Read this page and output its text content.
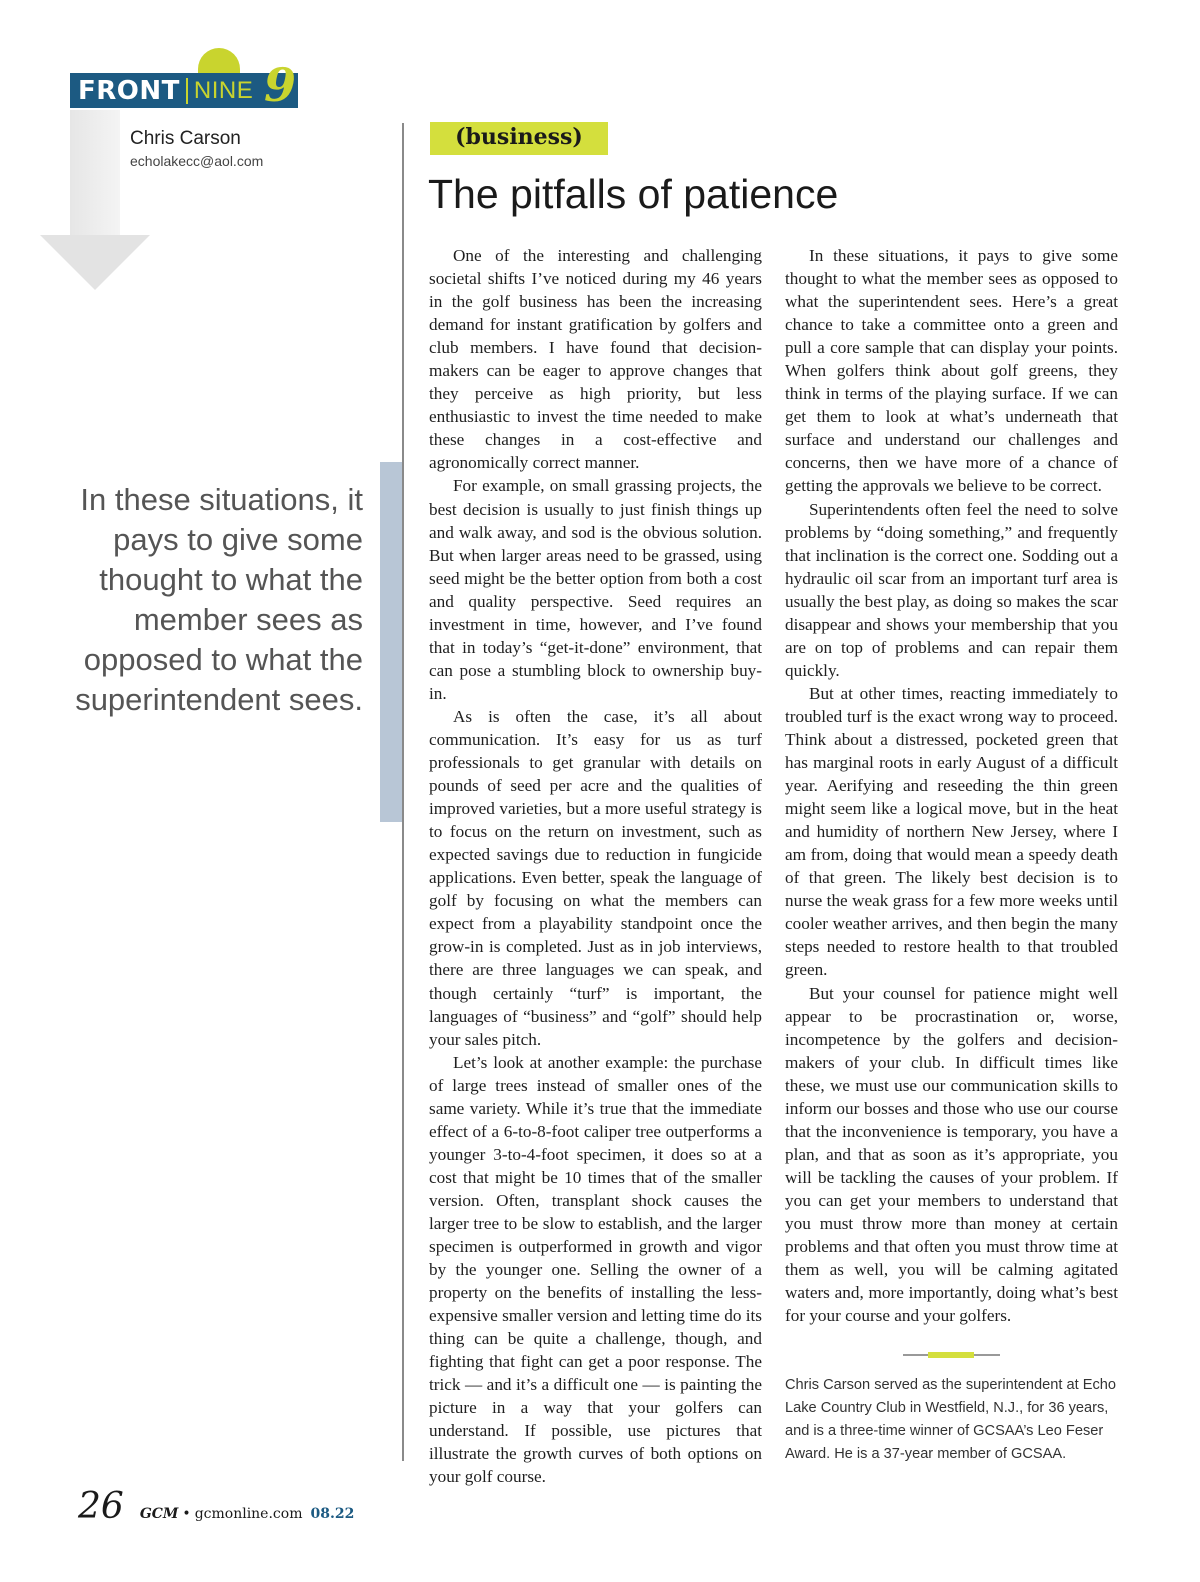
FRONT NINE 9
Chris Carson
echolakecc@aol.com
In these situations, it pays to give some thought to what the member sees as opposed to what the superintendent sees.
(business)
The pitfalls of patience

One of the interesting and challenging societal shifts I’ve noticed during my 46 years in the golf business has been the increasing demand for instant gratification by golfers and club members. I have found that decision-makers can be eager to approve changes that they perceive as high priority, but less enthusiastic to invest the time needed to make these changes in a cost-effective and agronomically correct manner.

For example, on small grassing projects, the best decision is usually to just finish things up and walk away, and sod is the obvious solution. But when larger areas need to be grassed, using seed might be the better option from both a cost and quality perspective. Seed requires an investment in time, however, and I’ve found that in today’s “get-it-done” environment, that can pose a stumbling block to ownership buy-in.

As is often the case, it’s all about communication. It’s easy for us as turf professionals to get granular with details on pounds of seed per acre and the qualities of improved varieties, but a more useful strategy is to focus on the return on investment, such as expected savings due to reduction in fungicide applications. Even better, speak the language of golf by focusing on what the members can expect from a playability standpoint once the grow-in is completed. Just as in job interviews, there are three languages we can speak, and though certainly “turf” is important, the languages of “business” and “golf” should help your sales pitch.

Let’s look at another example: the purchase of large trees instead of smaller ones of the same variety. While it’s true that the immediate effect of a 6-to-8-foot caliper tree outperforms a younger 3-to-4-foot specimen, it does so at a cost that might be 10 times that of the smaller version. Often, transplant shock causes the larger tree to be slow to establish, and the larger specimen is outperformed in growth and vigor by the younger one. Selling the owner of a property on the benefits of installing the less-expensive smaller version and letting time do its thing can be quite a challenge, though, and fighting that fight can get a poor response. The trick — and it’s a difficult one — is painting the picture in a way that your golfers can understand. If possible, use pictures that illustrate the growth curves of both options on your golf course.

In these situations, it pays to give some thought to what the member sees as opposed to what the superintendent sees. Here’s a great chance to take a committee onto a green and pull a core sample that can display your points. When golfers think about golf greens, they think in terms of the playing surface. If we can get them to look at what’s underneath that surface and understand our challenges and concerns, then we have more of a chance of getting the approvals we believe to be correct.

Superintendents often feel the need to solve problems by “doing something,” and frequently that inclination is the correct one. Sodding out a hydraulic oil scar from an important turf area is usually the best play, as doing so makes the scar disappear and shows your membership that you are on top of problems and can repair them quickly.

But at other times, reacting immediately to troubled turf is the exact wrong way to proceed. Think about a distressed, pocketed green that has marginal roots in early August of a difficult year. Aerifying and reseeding the thin green might seem like a logical move, but in the heat and humidity of northern New Jersey, where I am from, doing that would mean a speedy death of that green. The likely best decision is to nurse the weak grass for a few more weeks until cooler weather arrives, and then begin the many steps needed to restore health to that troubled green.

But your counsel for patience might well appear to be procrastination or, worse, incompetence by the golfers and decision-makers of your club. In difficult times like these, we must use our communication skills to inform our bosses and those who use our course that the inconvenience is temporary, you have a plan, and that as soon as it’s appropriate, you will be tackling the causes of your problem. If you can get your members to understand that you must throw more than money at certain problems and that often you must throw time at them as well, you will be calming agitated waters and, more importantly, doing what’s best for your course and your golfers.

Chris Carson served as the superintendent at Echo Lake Country Club in Westfield, N.J., for 36 years, and is a three-time winner of GCSAA’s Leo Feser Award. He is a 37-year member of GCSAA.
26 GCM • gcmonline.com 08.22
